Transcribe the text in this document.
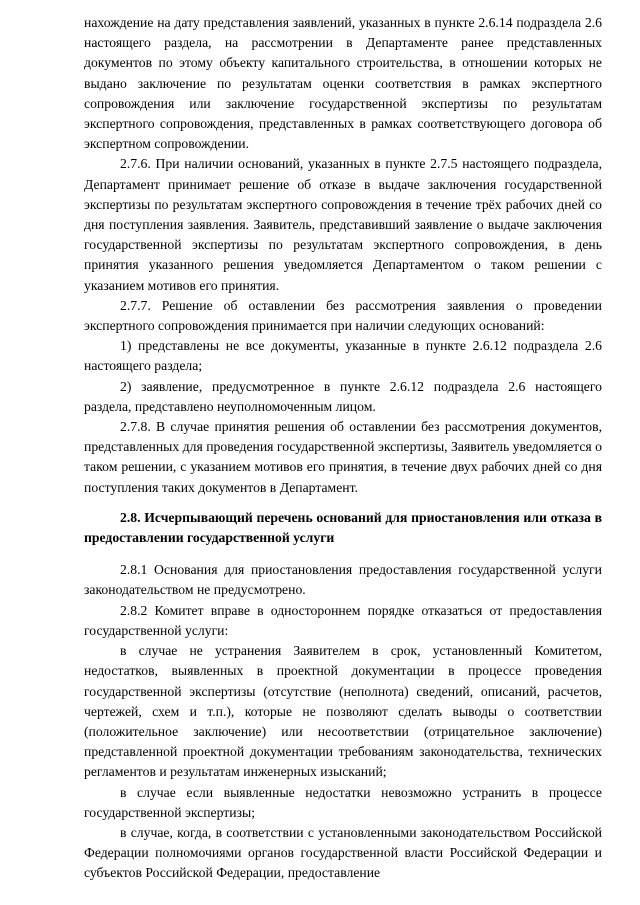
нахождение на дату представления заявлений, указанных в пункте 2.6.14 подраздела 2.6 настоящего раздела, на рассмотрении в Департаменте ранее представленных документов по этому объекту капитального строительства, в отношении которых не выдано заключение по результатам оценки соответствия в рамках экспертного сопровождения или заключение государственной экспертизы по результатам экспертного сопровождения, представленных в рамках соответствующего договора об экспертном сопровождении.

2.7.6. При наличии оснований, указанных в пункте 2.7.5 настоящего подраздела, Департамент принимает решение об отказе в выдаче заключения государственной экспертизы по результатам экспертного сопровождения в течение трёх рабочих дней со дня поступления заявления. Заявитель, представивший заявление о выдаче заключения государственной экспертизы по результатам экспертного сопровождения, в день принятия указанного решения уведомляется Департаментом о таком решении с указанием мотивов его принятия.

2.7.7. Решение об оставлении без рассмотрения заявления о проведении экспертного сопровождения принимается при наличии следующих оснований:

1) представлены не все документы, указанные в пункте 2.6.12 подраздела 2.6 настоящего раздела;

2) заявление, предусмотренное в пункте 2.6.12 подраздела 2.6 настоящего раздела, представлено неуполномоченным лицом.

2.7.8. В случае принятия решения об оставлении без рассмотрения документов, представленных для проведения государственной экспертизы, Заявитель уведомляется о таком решении, с указанием мотивов его принятия, в течение двух рабочих дней со дня поступления таких документов в Департамент.

2.8. Исчерпывающий перечень оснований для приостановления или отказа в предоставлении государственной услуги

2.8.1 Основания для приостановления предоставления государственной услуги законодательством не предусмотрено.

2.8.2 Комитет вправе в одностороннем порядке отказаться от предоставления государственной услуги:

в случае не устранения Заявителем в срок, установленный Комитетом, недостатков, выявленных в проектной документации в процессе проведения государственной экспертизы (отсутствие (неполнота) сведений, описаний, расчетов, чертежей, схем и т.п.), которые не позволяют сделать выводы о соответствии (положительное заключение) или несоответствии (отрицательное заключение) представленной проектной документации требованиям законодательства, технических регламентов и результатам инженерных изысканий;

в случае если выявленные недостатки невозможно устранить в процессе государственной экспертизы;

в случае, когда, в соответствии с установленными законодательством Российской Федерации полномочиями органов государственной власти Российской Федерации и субъектов Российской Федерации, предоставление
